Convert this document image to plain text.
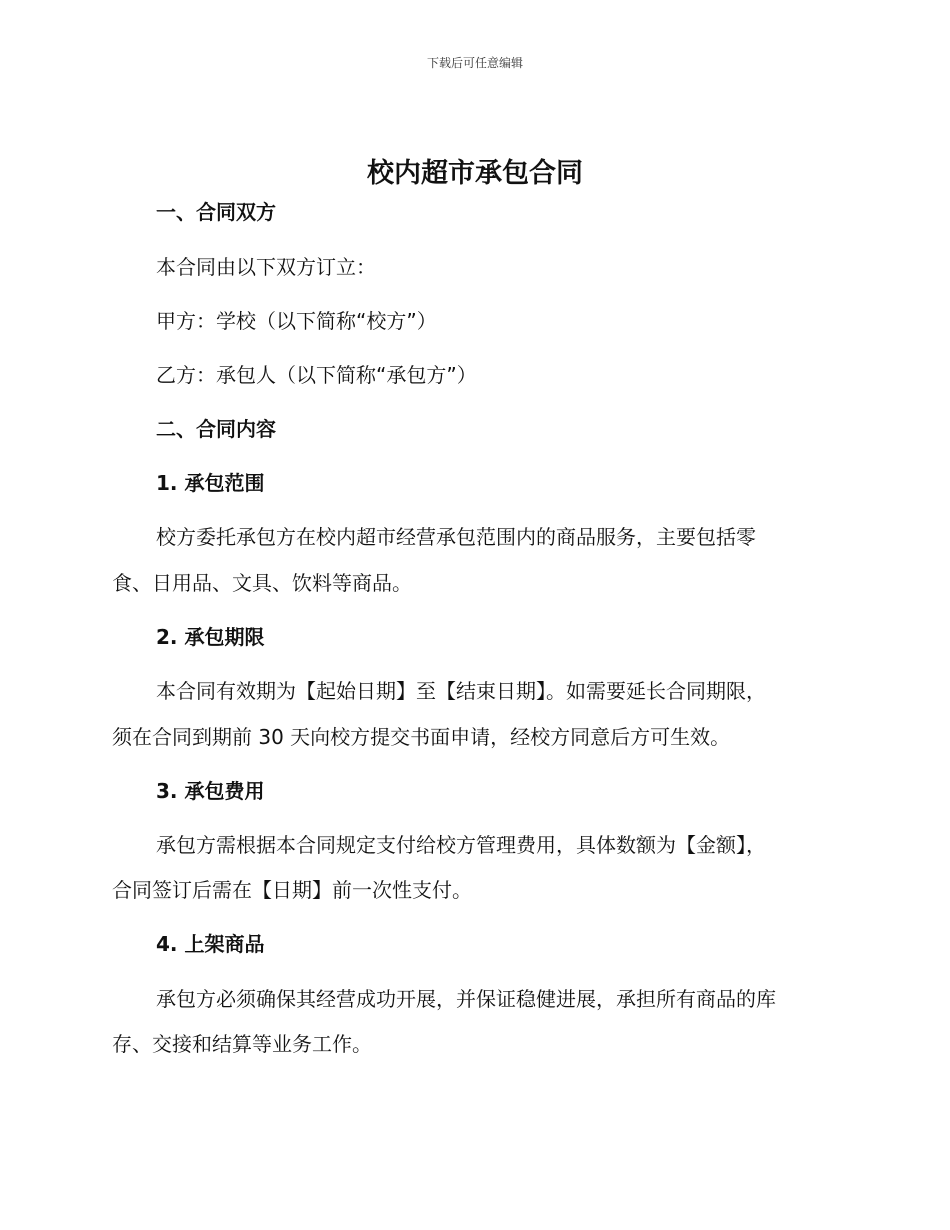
下载后可任意编辑
校内超市承包合同
一、合同双方
本合同由以下双方订立：
甲方：学校（以下简称“校方”）
乙方：承包人（以下简称“承包方”）
二、合同内容
1. 承包范围
校方委托承包方在校内超市经营承包范围内的商品服务，主要包括零
食、日用品、文具、饮料等商品。
2. 承包期限
本合同有效期为【起始日期】至【结束日期】。如需要延长合同期限，
须在合同到期前 30 天向校方提交书面申请，经校方同意后方可生效。
3. 承包费用
承包方需根据本合同规定支付给校方管理费用，具体数额为【金额】，
合同签订后需在【日期】前一次性支付。
4. 上架商品
承包方必须确保其经营成功开展，并保证稳健进展，承担所有商品的库
存、交接和结算等业务工作。
